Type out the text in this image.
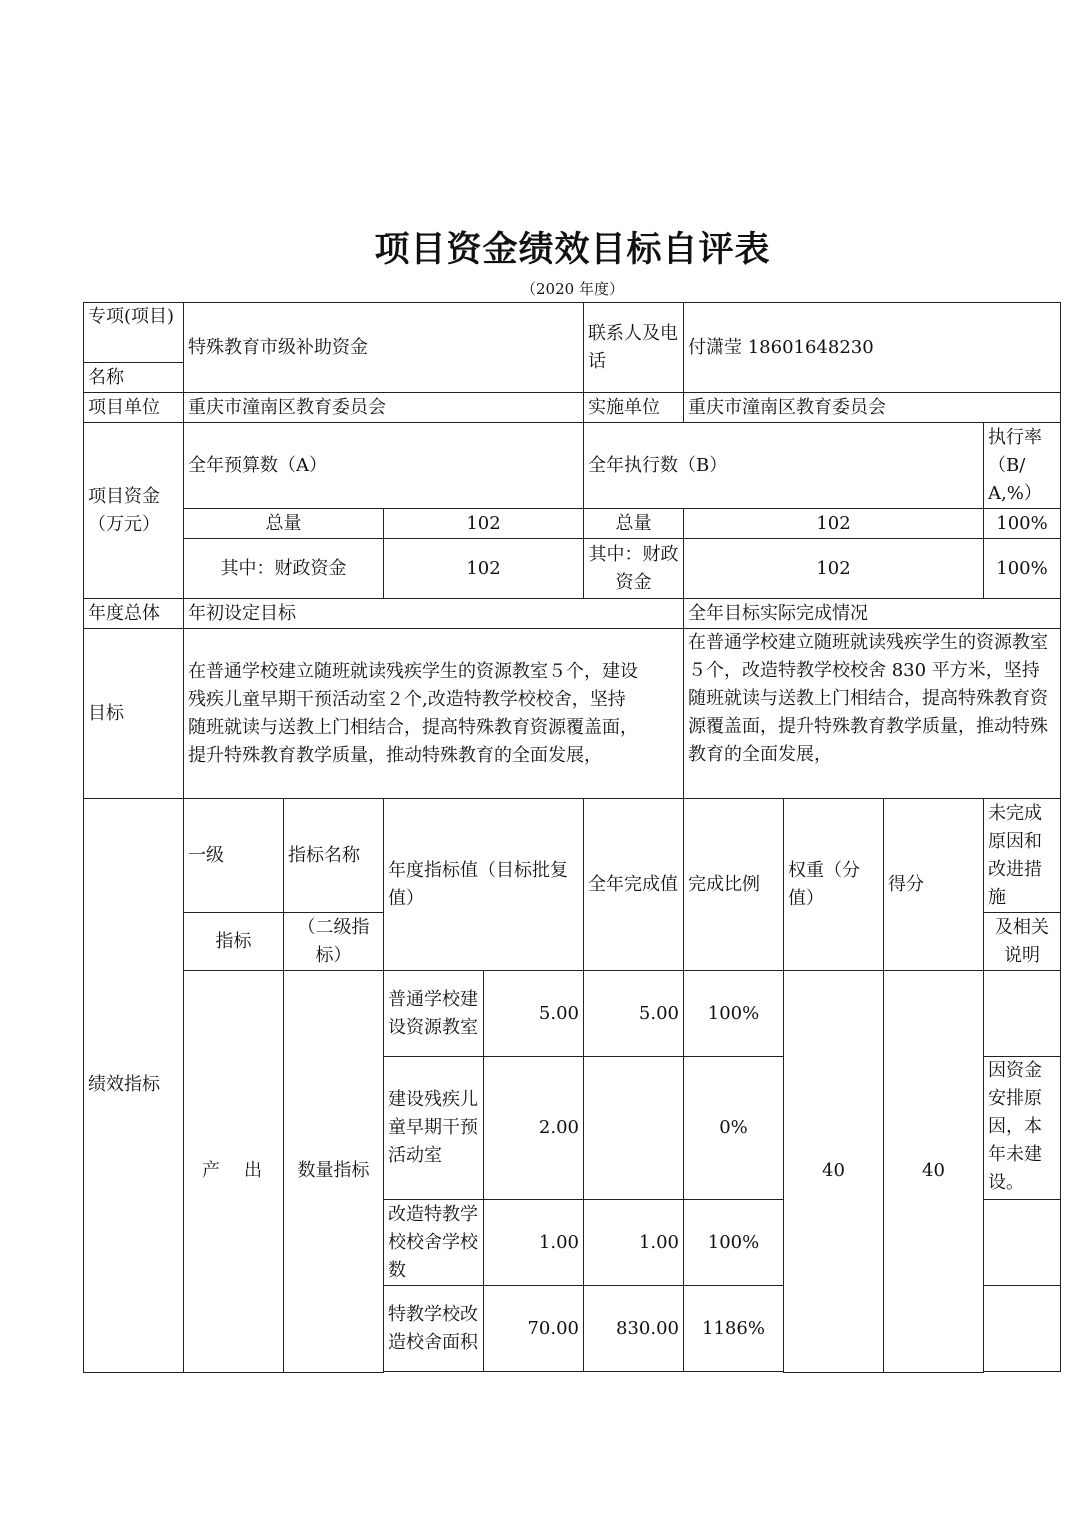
项目资金绩效目标自评表
（2020 年度）
专项(项目)	特殊教育市级补助资金				联系人及电话	付潇莹 18601648230			
名称									
项目单位	重庆市潼南区教育委员会				实施单位	重庆市潼南区教育委员会			
项目资金（万元）	全年预算数（A）				全年执行数（B）				执行率（B/A,%）
	总量		102		总量	102			100%
	其中：财政资金		102		其中：财政资金	102			100%
年度总体	年初设定目标					全年目标实际完成情况			
目标	在普通学校建立随班就读残疾学生的资源教室５个，建设残疾儿童早期干预活动室２个,改造特教学校校舍，坚持随班就读与送教上门相结合，提高特殊教育资源覆盖面，提升特殊教育教学质量，推动特殊教育的全面发展，					在普通学校建立随班就读残疾学生的资源教室５个，改造特教学校校舍 830 平方米，坚持随班就读与送教上门相结合，提高特殊教育资源覆盖面，提升特殊教育教学质量，推动特殊教育的全面发展，			
绩效指标	一级	指标名称	年度指标值（目标批复值）		全年完成值	完成比例	权重（分值）	得分	未完成原因和改进措施
	指标	（二级指标）							及相关说明
	产　出	数量指标	普通学校建设资源教室	5.00	5.00	100%	40	40	
			建设残疾儿童早期干预活动室	2.00		0%			因资金安排原因，本年未建设。
			改造特教学校校舍学校数	1.00	1.00	100%			
			特教学校改造校舍面积	70.00	830.00	1186%			
